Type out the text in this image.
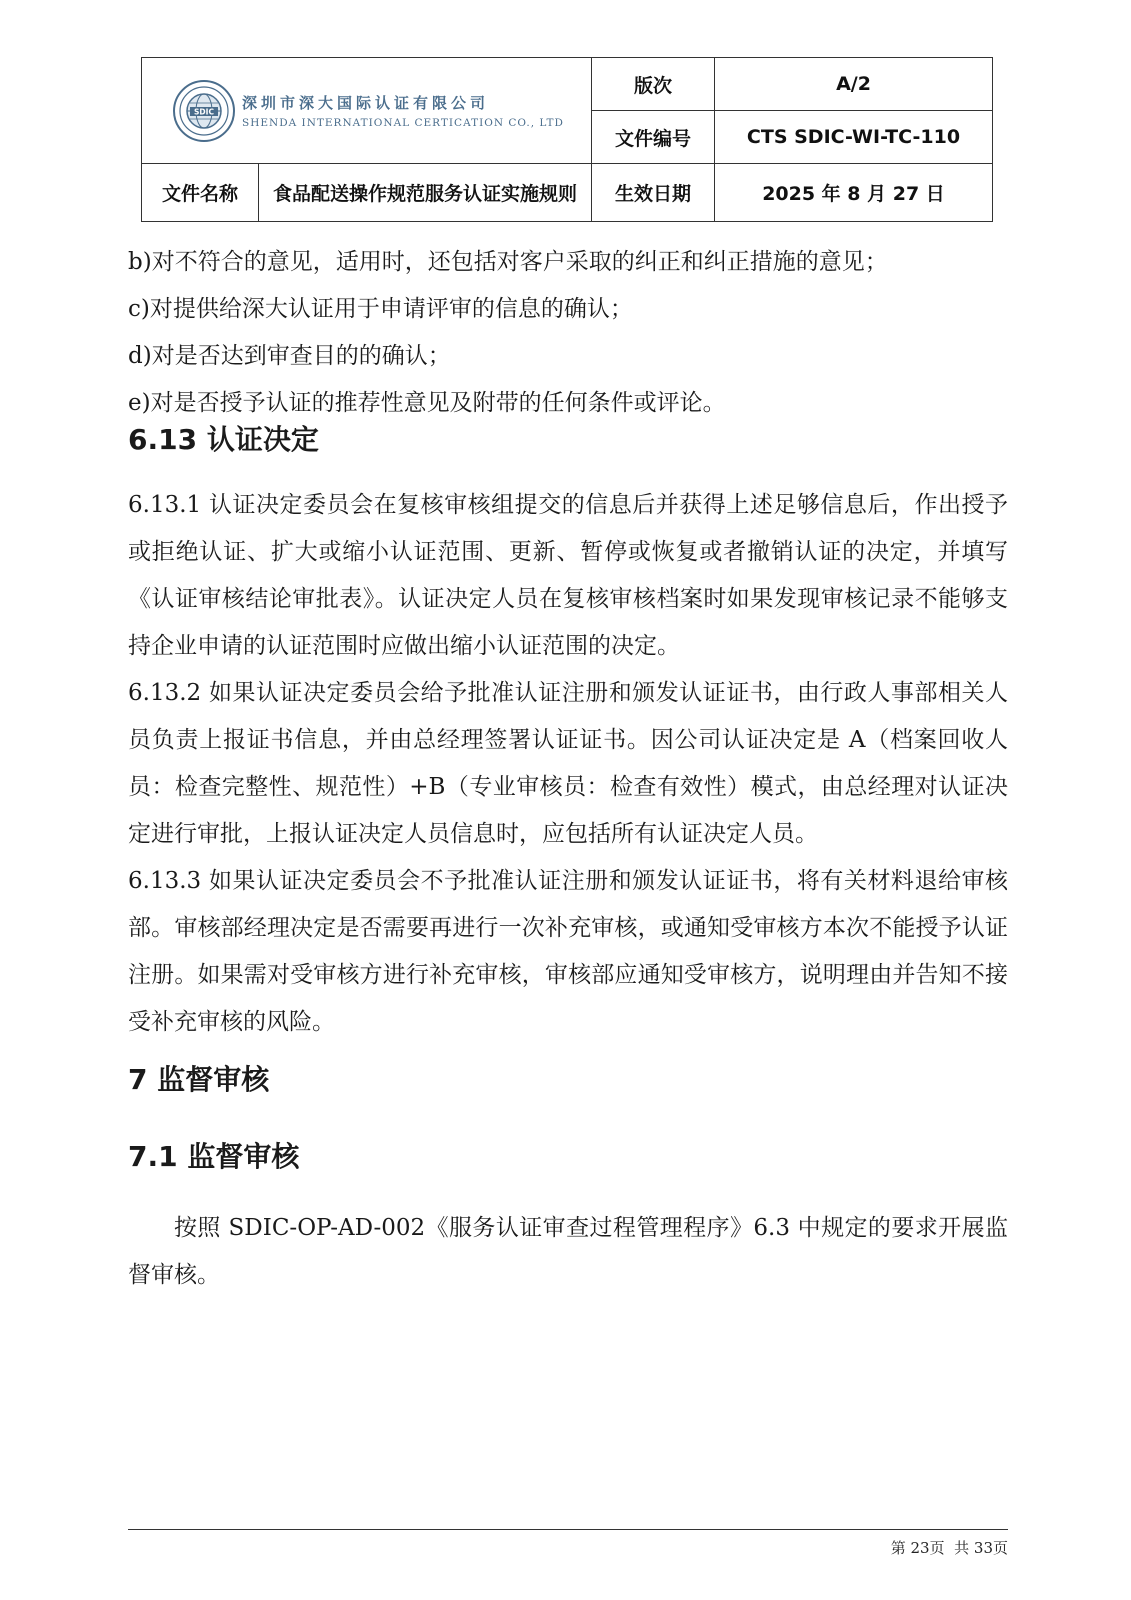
SDIC 深圳市深大国际认证有限公司
SHENDA INTERNATIONAL CERTICATION CO., LTD		版次	A/2
		文件编号	CTS SDIC-WI-TC-110
文件名称	食品配送操作规范服务认证实施规则	生效日期	2025 年 8 月 27 日

b)对不符合的意见，适用时，还包括对客户采取的纠正和纠正措施的意见；

c)对提供给深大认证用于申请评审的信息的确认；

d)对是否达到审查目的的确认；

e)对是否授予认证的推荐性意见及附带的任何条件或评论。

6.13 认证决定

6.13.1 认证决定委员会在复核审核组提交的信息后并获得上述足够信息后，作出授予或拒绝认证、扩大或缩小认证范围、更新、暂停或恢复或者撤销认证的决定，并填写《认证审核结论审批表》。认证决定人员在复核审核档案时如果发现审核记录不能够支持企业申请的认证范围时应做出缩小认证范围的决定。

6.13.2 如果认证决定委员会给予批准认证注册和颁发认证证书，由行政人事部相关人员负责上报证书信息，并由总经理签署认证证书。因公司认证决定是 A（档案回收人员：检查完整性、规范性）+B（专业审核员：检查有效性）模式，由总经理对认证决定进行审批，上报认证决定人员信息时，应包括所有认证决定人员。

6.13.3 如果认证决定委员会不予批准认证注册和颁发认证证书，将有关材料退给审核部。审核部经理决定是否需要再进行一次补充审核，或通知受审核方本次不能授予认证注册。如果需对受审核方进行补充审核，审核部应通知受审核方，说明理由并告知不接受补充审核的风险。

7 监督审核
7.1 监督审核

按照 SDIC-OP-AD-002《服务认证审查过程管理程序》6.3 中规定的要求开展监督审核。

第 23页  共 33页
